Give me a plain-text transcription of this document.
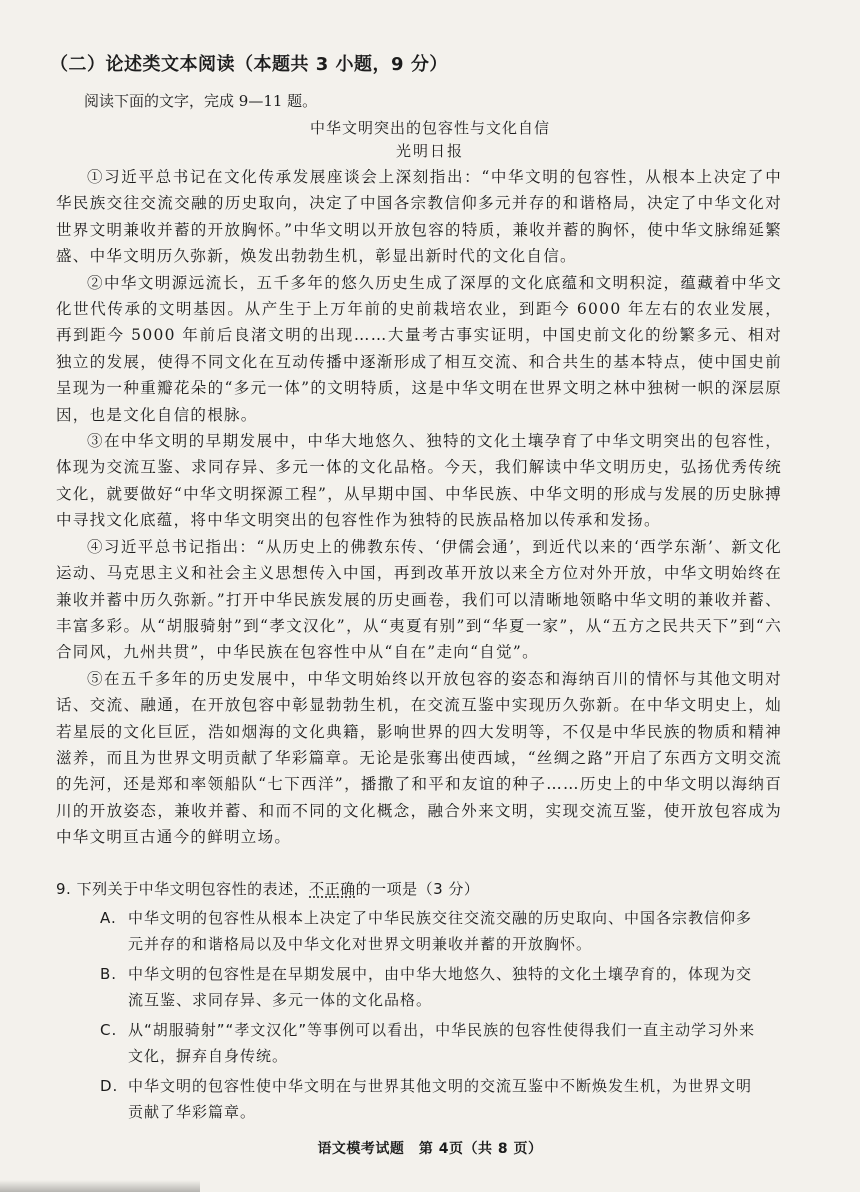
（二）论述类文本阅读（本题共 3 小题，9 分）
阅读下面的文字，完成 9—11 题。
中华文明突出的包容性与文化自信
光明日报

①习近平总书记在文化传承发展座谈会上深刻指出：“中华文明的包容性，从根本上决定了中华民族交往交流交融的历史取向，决定了中国各宗教信仰多元并存的和谐格局，决定了中华文化对世界文明兼收并蓄的开放胸怀。”中华文明以开放包容的特质，兼收并蓄的胸怀，使中华文脉绵延繁盛、中华文明历久弥新，焕发出勃勃生机，彰显出新时代的文化自信。

②中华文明源远流长，五千多年的悠久历史生成了深厚的文化底蕴和文明积淀，蕴藏着中华文化世代传承的文明基因。从产生于上万年前的史前栽培农业，到距今 6000 年左右的农业发展，再到距今 5000 年前后良渚文明的出现……大量考古事实证明，中国史前文化的纷繁多元、相对独立的发展，使得不同文化在互动传播中逐渐形成了相互交流、和合共生的基本特点，使中国史前呈现为一种重瓣花朵的“多元一体”的文明特质，这是中华文明在世界文明之林中独树一帜的深层原因，也是文化自信的根脉。

③在中华文明的早期发展中，中华大地悠久、独特的文化土壤孕育了中华文明突出的包容性，体现为交流互鉴、求同存异、多元一体的文化品格。今天，我们解读中华文明历史，弘扬优秀传统文化，就要做好“中华文明探源工程”，从早期中国、中华民族、中华文明的形成与发展的历史脉搏中寻找文化底蕴，将中华文明突出的包容性作为独特的民族品格加以传承和发扬。

④习近平总书记指出：“从历史上的佛教东传、‘伊儒会通’，到近代以来的‘西学东渐’、新文化运动、马克思主义和社会主义思想传入中国，再到改革开放以来全方位对外开放，中华文明始终在兼收并蓄中历久弥新。”打开中华民族发展的历史画卷，我们可以清晰地领略中华文明的兼收并蓄、丰富多彩。从“胡服骑射”到“孝文汉化”，从“夷夏有别”到“华夏一家”，从“五方之民共天下”到“六合同风，九州共贯”，中华民族在包容性中从“自在”走向“自觉”。

⑤在五千多年的历史发展中，中华文明始终以开放包容的姿态和海纳百川的情怀与其他文明对话、交流、融通，在开放包容中彰显勃勃生机，在交流互鉴中实现历久弥新。在中华文明史上，灿若星辰的文化巨匠，浩如烟海的文化典籍，影响世界的四大发明等，不仅是中华民族的物质和精神滋养，而且为世界文明贡献了华彩篇章。无论是张骞出使西域，“丝绸之路”开启了东西方文明交流的先河，还是郑和率领船队“七下西洋”，播撒了和平和友谊的种子……历史上的中华文明以海纳百川的开放姿态，兼收并蓄、和而不同的文化概念，融合外来文明，实现交流互鉴，使开放包容成为中华文明亘古通今的鲜明立场。

9. 下列关于中华文明包容性的表述，不正确的一项是（3 分）

A. 中华文明的包容性从根本上决定了中华民族交往交流交融的历史取向、中国各宗教信仰多元并存的和谐格局以及中华文化对世界文明兼收并蓄的开放胸怀。
B. 中华文明的包容性是在早期发展中，由中华大地悠久、独特的文化土壤孕育的，体现为交流互鉴、求同存异、多元一体的文化品格。
C. 从“胡服骑射”“孝文汉化”等事例可以看出，中华民族的包容性使得我们一直主动学习外来文化，摒弃自身传统。
D. 中华文明的包容性使中华文明在与世界其他文明的交流互鉴中不断焕发生机，为世界文明贡献了华彩篇章。
语文模考试题　第 4页（共 8 页）
